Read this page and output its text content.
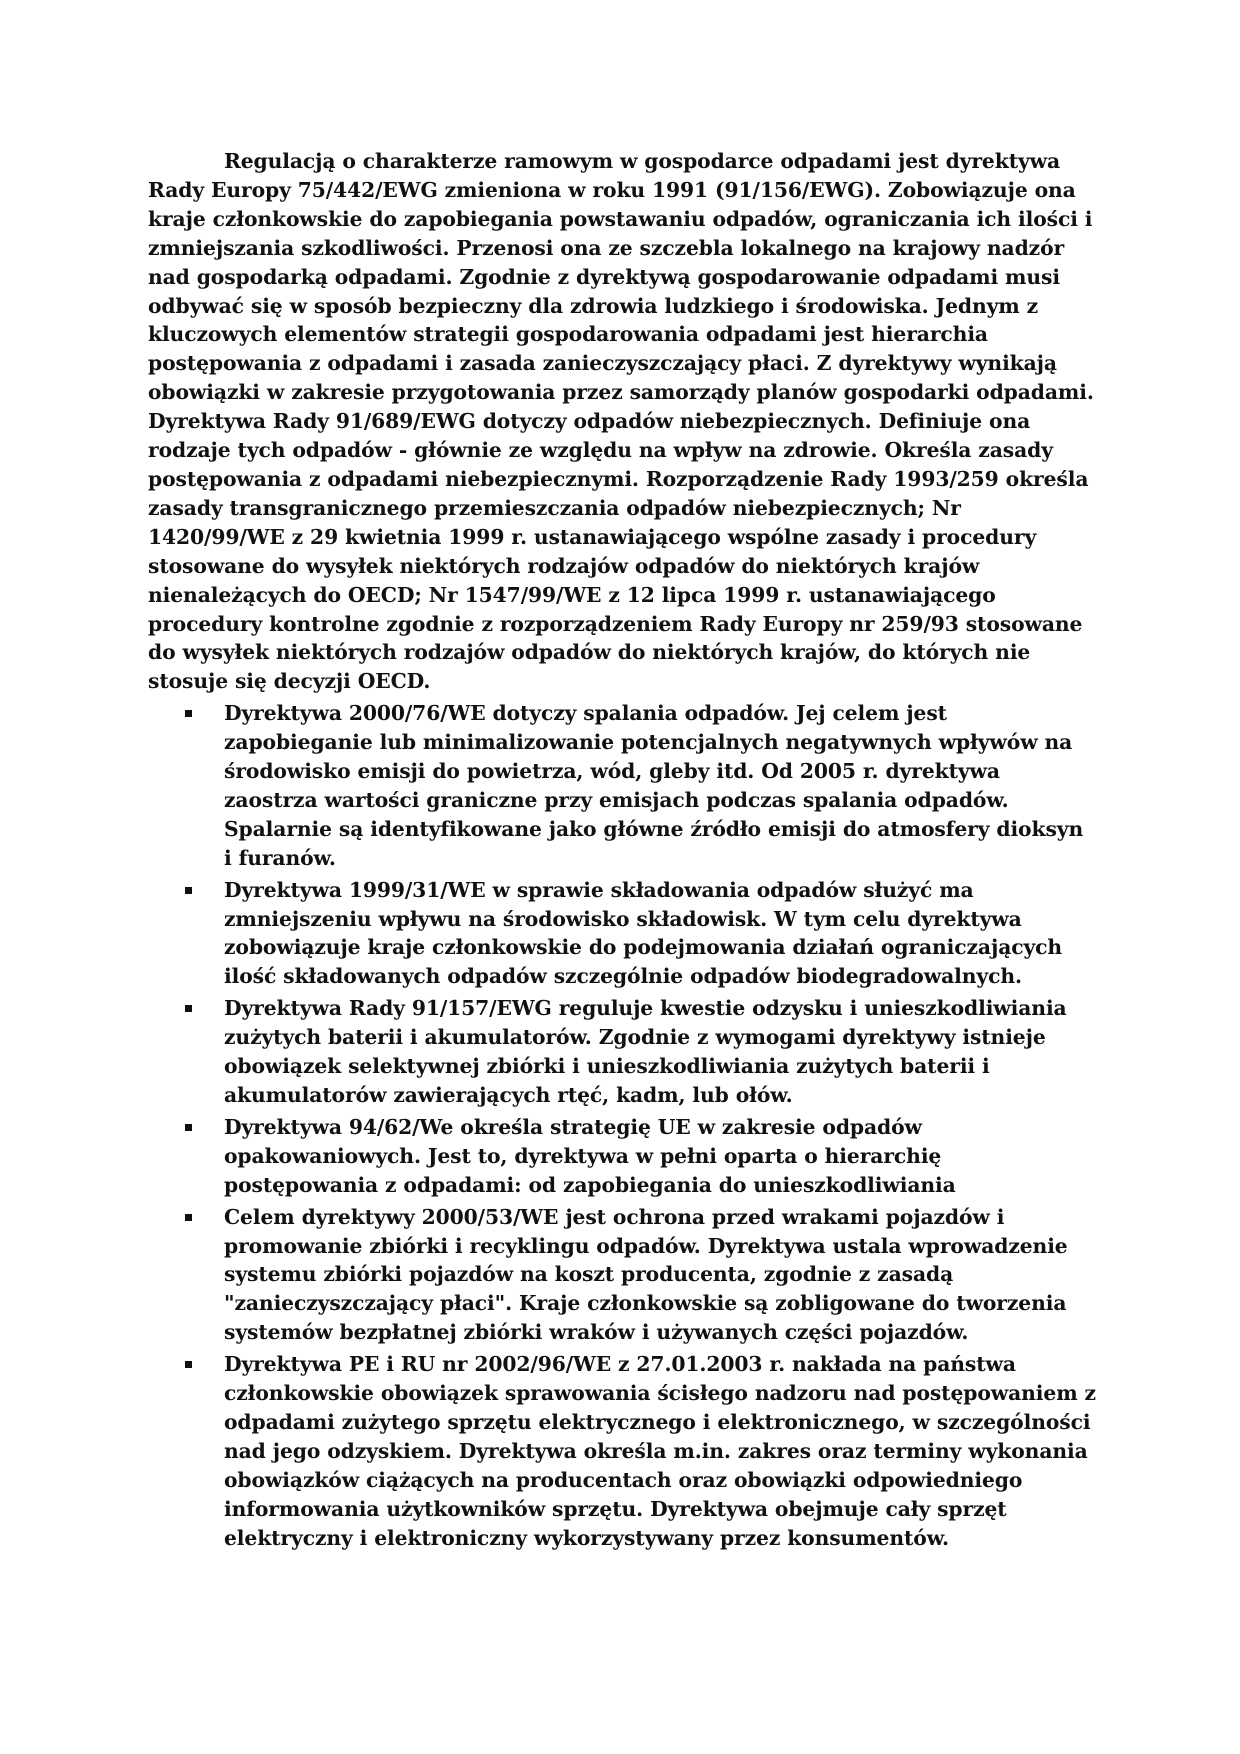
Regulacją o charakterze ramowym w gospodarce odpadami jest dyrektywa Rady Europy 75/442/EWG zmieniona w roku 1991 (91/156/EWG). Zobowiązuje ona kraje członkowskie do zapobiegania powstawaniu odpadów, ograniczania ich ilości i zmniejszania szkodliwości. Przenosi ona ze szczebla lokalnego na krajowy nadzór nad gospodarką odpadami. Zgodnie z dyrektywą gospodarowanie odpadami musi odbywać się w sposób bezpieczny dla zdrowia ludzkiego i środowiska. Jednym z kluczowych elementów strategii gospodarowania odpadami jest hierarchia postępowania z odpadami i zasada zanieczyszczający płaci. Z dyrektywy wynikają obowiązki w zakresie przygotowania przez samorządy planów gospodarki odpadami.

Dyrektywa Rady 91/689/EWG dotyczy odpadów niebezpiecznych. Definiuje ona rodzaje tych odpadów - głównie ze względu na wpływ na zdrowie. Określa zasady postępowania z odpadami niebezpiecznymi. Rozporządzenie Rady 1993/259 określa zasady transgranicznego przemieszczania odpadów niebezpiecznych; Nr 1420/99/WE z 29 kwietnia 1999 r. ustanawiającego wspólne zasady i procedury stosowane do wysyłek niektórych rodzajów odpadów do niektórych krajów nienależących do OECD; Nr 1547/99/WE z 12 lipca 1999 r. ustanawiającego procedury kontrolne zgodnie z rozporządzeniem Rady Europy nr 259/93 stosowane do wysyłek niektórych rodzajów odpadów do niektórych krajów, do których nie stosuje się decyzji OECD.

Dyrektywa 2000/76/WE dotyczy spalania odpadów. Jej celem jest zapobieganie lub minimalizowanie potencjalnych negatywnych wpływów na środowisko emisji do powietrza, wód, gleby itd. Od 2005 r. dyrektywa zaostrza wartości graniczne przy emisjach podczas spalania odpadów. Spalarnie są identyfikowane jako główne źródło emisji do atmosfery dioksyn i furanów.
Dyrektywa 1999/31/WE w sprawie składowania odpadów służyć ma zmniejszeniu wpływu na środowisko składowisk. W tym celu dyrektywa zobowiązuje kraje członkowskie do podejmowania działań ograniczających ilość składowanych odpadów szczególnie odpadów biodegradowalnych.
Dyrektywa Rady 91/157/EWG reguluje kwestie odzysku i unieszkodliwiania zużytych baterii i akumulatorów. Zgodnie z wymogami dyrektywy istnieje obowiązek selektywnej zbiórki i unieszkodliwiania zużytych baterii i akumulatorów zawierających rtęć, kadm, lub ołów.
Dyrektywa 94/62/We określa strategię UE w zakresie odpadów opakowaniowych. Jest to, dyrektywa w pełni oparta o hierarchię postępowania z odpadami: od zapobiegania do unieszkodliwiania
Celem dyrektywy 2000/53/WE jest ochrona przed wrakami pojazdów i promowanie zbiórki i recyklingu odpadów. Dyrektywa ustala wprowadzenie systemu zbiórki pojazdów na koszt producenta, zgodnie z zasadą "zanieczyszczający płaci". Kraje członkowskie są zobligowane do tworzenia systemów bezpłatnej zbiórki wraków i używanych części pojazdów.
Dyrektywa PE i RU nr 2002/96/WE z 27.01.2003 r. nakłada na państwa członkowskie obowiązek sprawowania ścisłego nadzoru nad postępowaniem z odpadami zużytego sprzętu elektrycznego i elektronicznego, w szczególności nad jego odzyskiem. Dyrektywa określa m.in. zakres oraz terminy wykonania obowiązków ciążących na producentach oraz obowiązki odpowiedniego informowania użytkowników sprzętu. Dyrektywa obejmuje cały sprzęt elektryczny i elektroniczny wykorzystywany przez konsumentów.
